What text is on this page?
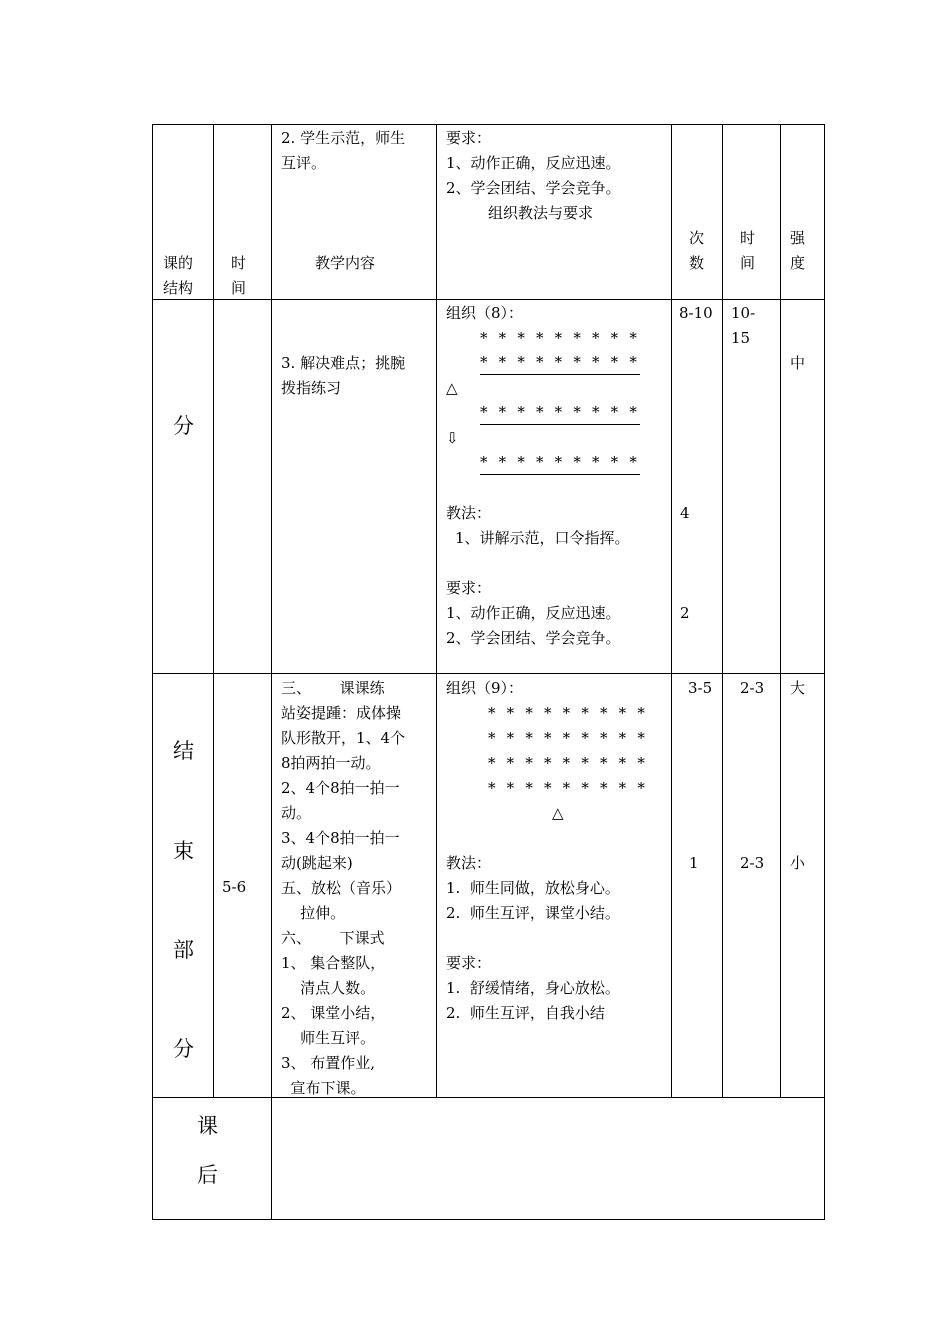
课的
结构
时
间
2. 学生示范，师生
互评。
教学内容
要求：
1、动作正确，反应迅速。
2、学会团结、学会竞争。
组织教法与要求
次
数
时
间
强
度
分
3. 解决难点；挑腕
拨指练习
组织（8）：
* * * * * * * * *
* * * * * * * * *
△
* * * * * * * * *
⇩
* * * * * * * * *
教法：
1、讲解示范，口令指挥。
要求：
1、动作正确，反应迅速。
2、学会团结、学会竞争。
8-10
4
2
10-
15
中
结
束
部
分
5-6
三、      课课练
站姿提踵：成体操
队形散开，1、4个
8拍两拍一动。
2、4个8拍一拍一
动。
3、4个8拍一拍一
动(跳起来)
五、放松（音乐）
拉伸。
六、      下课式
1、 集合整队，
清点人数。
2、 课堂小结，
师生互评。
3、 布置作业,
宣布下课。
组织（9）：
* * * * * * * * *
* * * * * * * * *
* * * * * * * * *
* * * * * * * * *
△
教法：
1.  师生同做，放松身心。
2.  师生互评，课堂小结。
要求：
1.  舒缓情绪，身心放松。
2.  师生互评，自我小结
3-5
1
2-3
2-3
大
小
课
后
